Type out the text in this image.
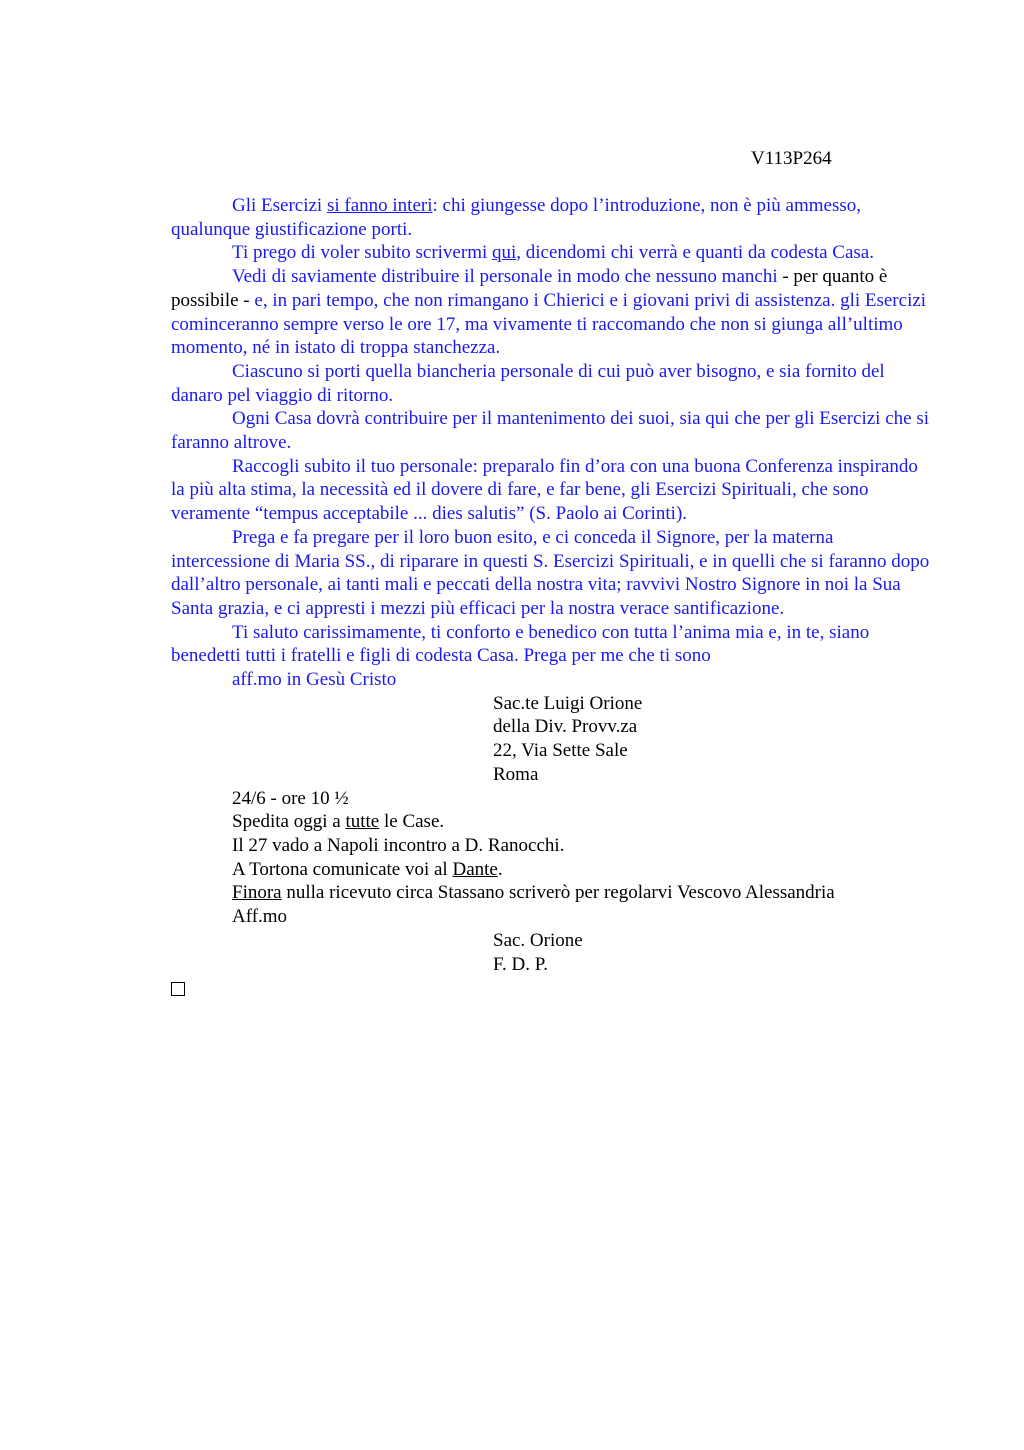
V113P264

Gli Esercizi si fanno interi: chi giungesse dopo l’introduzione, non è più ammesso, qualunque giustificazione porti.

Ti prego di voler subito scrivermi qui, dicendomi chi verrà e quanti da codesta Casa.

Vedi di saviamente distribuire il personale in modo che nessuno manchi - per quanto è possibile - e, in pari tempo, che non rimangano i Chierici e i giovani privi di assistenza. gli Esercizi cominceranno sempre verso le ore 17, ma vivamente ti raccomando che non si giunga all’ultimo momento, né in istato di troppa stanchezza.

Ciascuno si porti quella biancheria personale di cui può aver bisogno, e sia fornito del danaro pel viaggio di ritorno.

Ogni Casa dovrà contribuire per il mantenimento dei suoi, sia qui che per gli Esercizi che si faranno altrove.

Raccogli subito il tuo personale: preparalo fin d’ora con una buona Conferenza inspirando la più alta stima, la necessità ed il dovere di fare, e far bene, gli Esercizi Spirituali, che sono veramente “tempus acceptabile ... dies salutis” (S. Paolo ai Corinti).

Prega e fa pregare per il loro buon esito, e ci conceda il Signore, per la materna intercessione di Maria SS., di riparare in questi S. Esercizi Spirituali, e in quelli che si faranno dopo dall’altro personale, ai tanti mali e peccati della nostra vita; ravvivi Nostro Signore in noi la Sua Santa grazia, e ci appresti i mezzi più efficaci per la nostra verace santificazione.

Ti saluto carissimamente, ti conforto e benedico con tutta l’anima mia e, in te, siano benedetti tutti i fratelli e figli di codesta Casa. Prega per me che ti sono

aff.mo in Gesù Cristo
Sac.te Luigi Orione
della Div. Provv.za
22, Via Sette Sale
Roma
24/6 - ore 10 ½
Spedita oggi a tutte le Case.
Il 27 vado a Napoli incontro a D. Ranocchi.
A Tortona comunicate voi al Dante.
Finora nulla ricevuto circa Stassano scriverò per regolarvi Vescovo Alessandria
Aff.mo
Sac. Orione
F. D. P.
